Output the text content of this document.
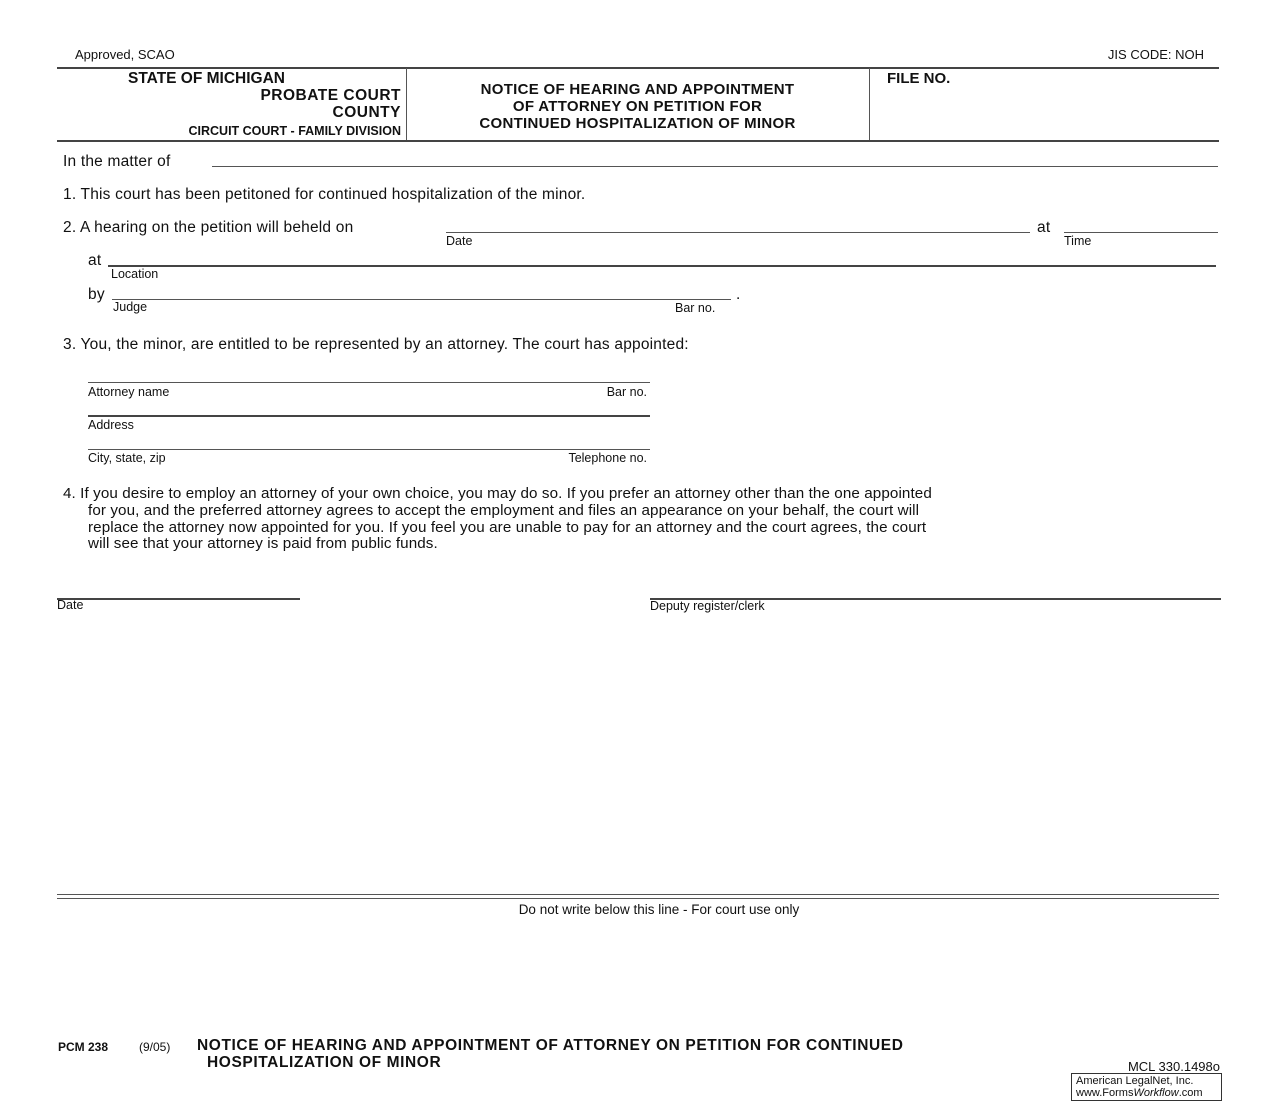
Approved, SCAO	JIS CODE: NOH
STATE OF MICHIGAN
PROBATE COURT
COUNTY
CIRCUIT COURT - FAMILY DIVISION
NOTICE OF HEARING AND APPOINTMENT
OF ATTORNEY ON PETITION FOR
CONTINUED HOSPITALIZATION OF MINOR
FILE NO.
In the matter of
1. This court has been petitoned for continued hospitalization of the minor.
2. A hearing on the petition will beheld on
Date
at
Time
at
Location
by	.
Judge	Bar no.
3. You, the minor, are entitled to be represented by an attorney. The court has appointed:
Attorney name	Bar no.
Address
City, state, zip	Telephone no.
4. If you desire to employ an attorney of your own choice, you may do so. If you prefer an attorney other than the one appointed
for you, and the preferred attorney agrees to accept the employment and files an appearance on your behalf, the court will
replace the attorney now appointed for you. If you feel you are unable to pay for an attorney and the court agrees, the court
will see that your attorney is paid from public funds.
Date	Deputy register/clerk
Do not write below this line - For court use only
PCM 238	(9/05) NOTICE OF HEARING AND APPOINTMENT OF ATTORNEY ON PETITION FOR CONTINUED
HOSPITALIZATION OF MINOR	MCL 330.1498o
American LegalNet, Inc.
www.FormsWorkflow.com
